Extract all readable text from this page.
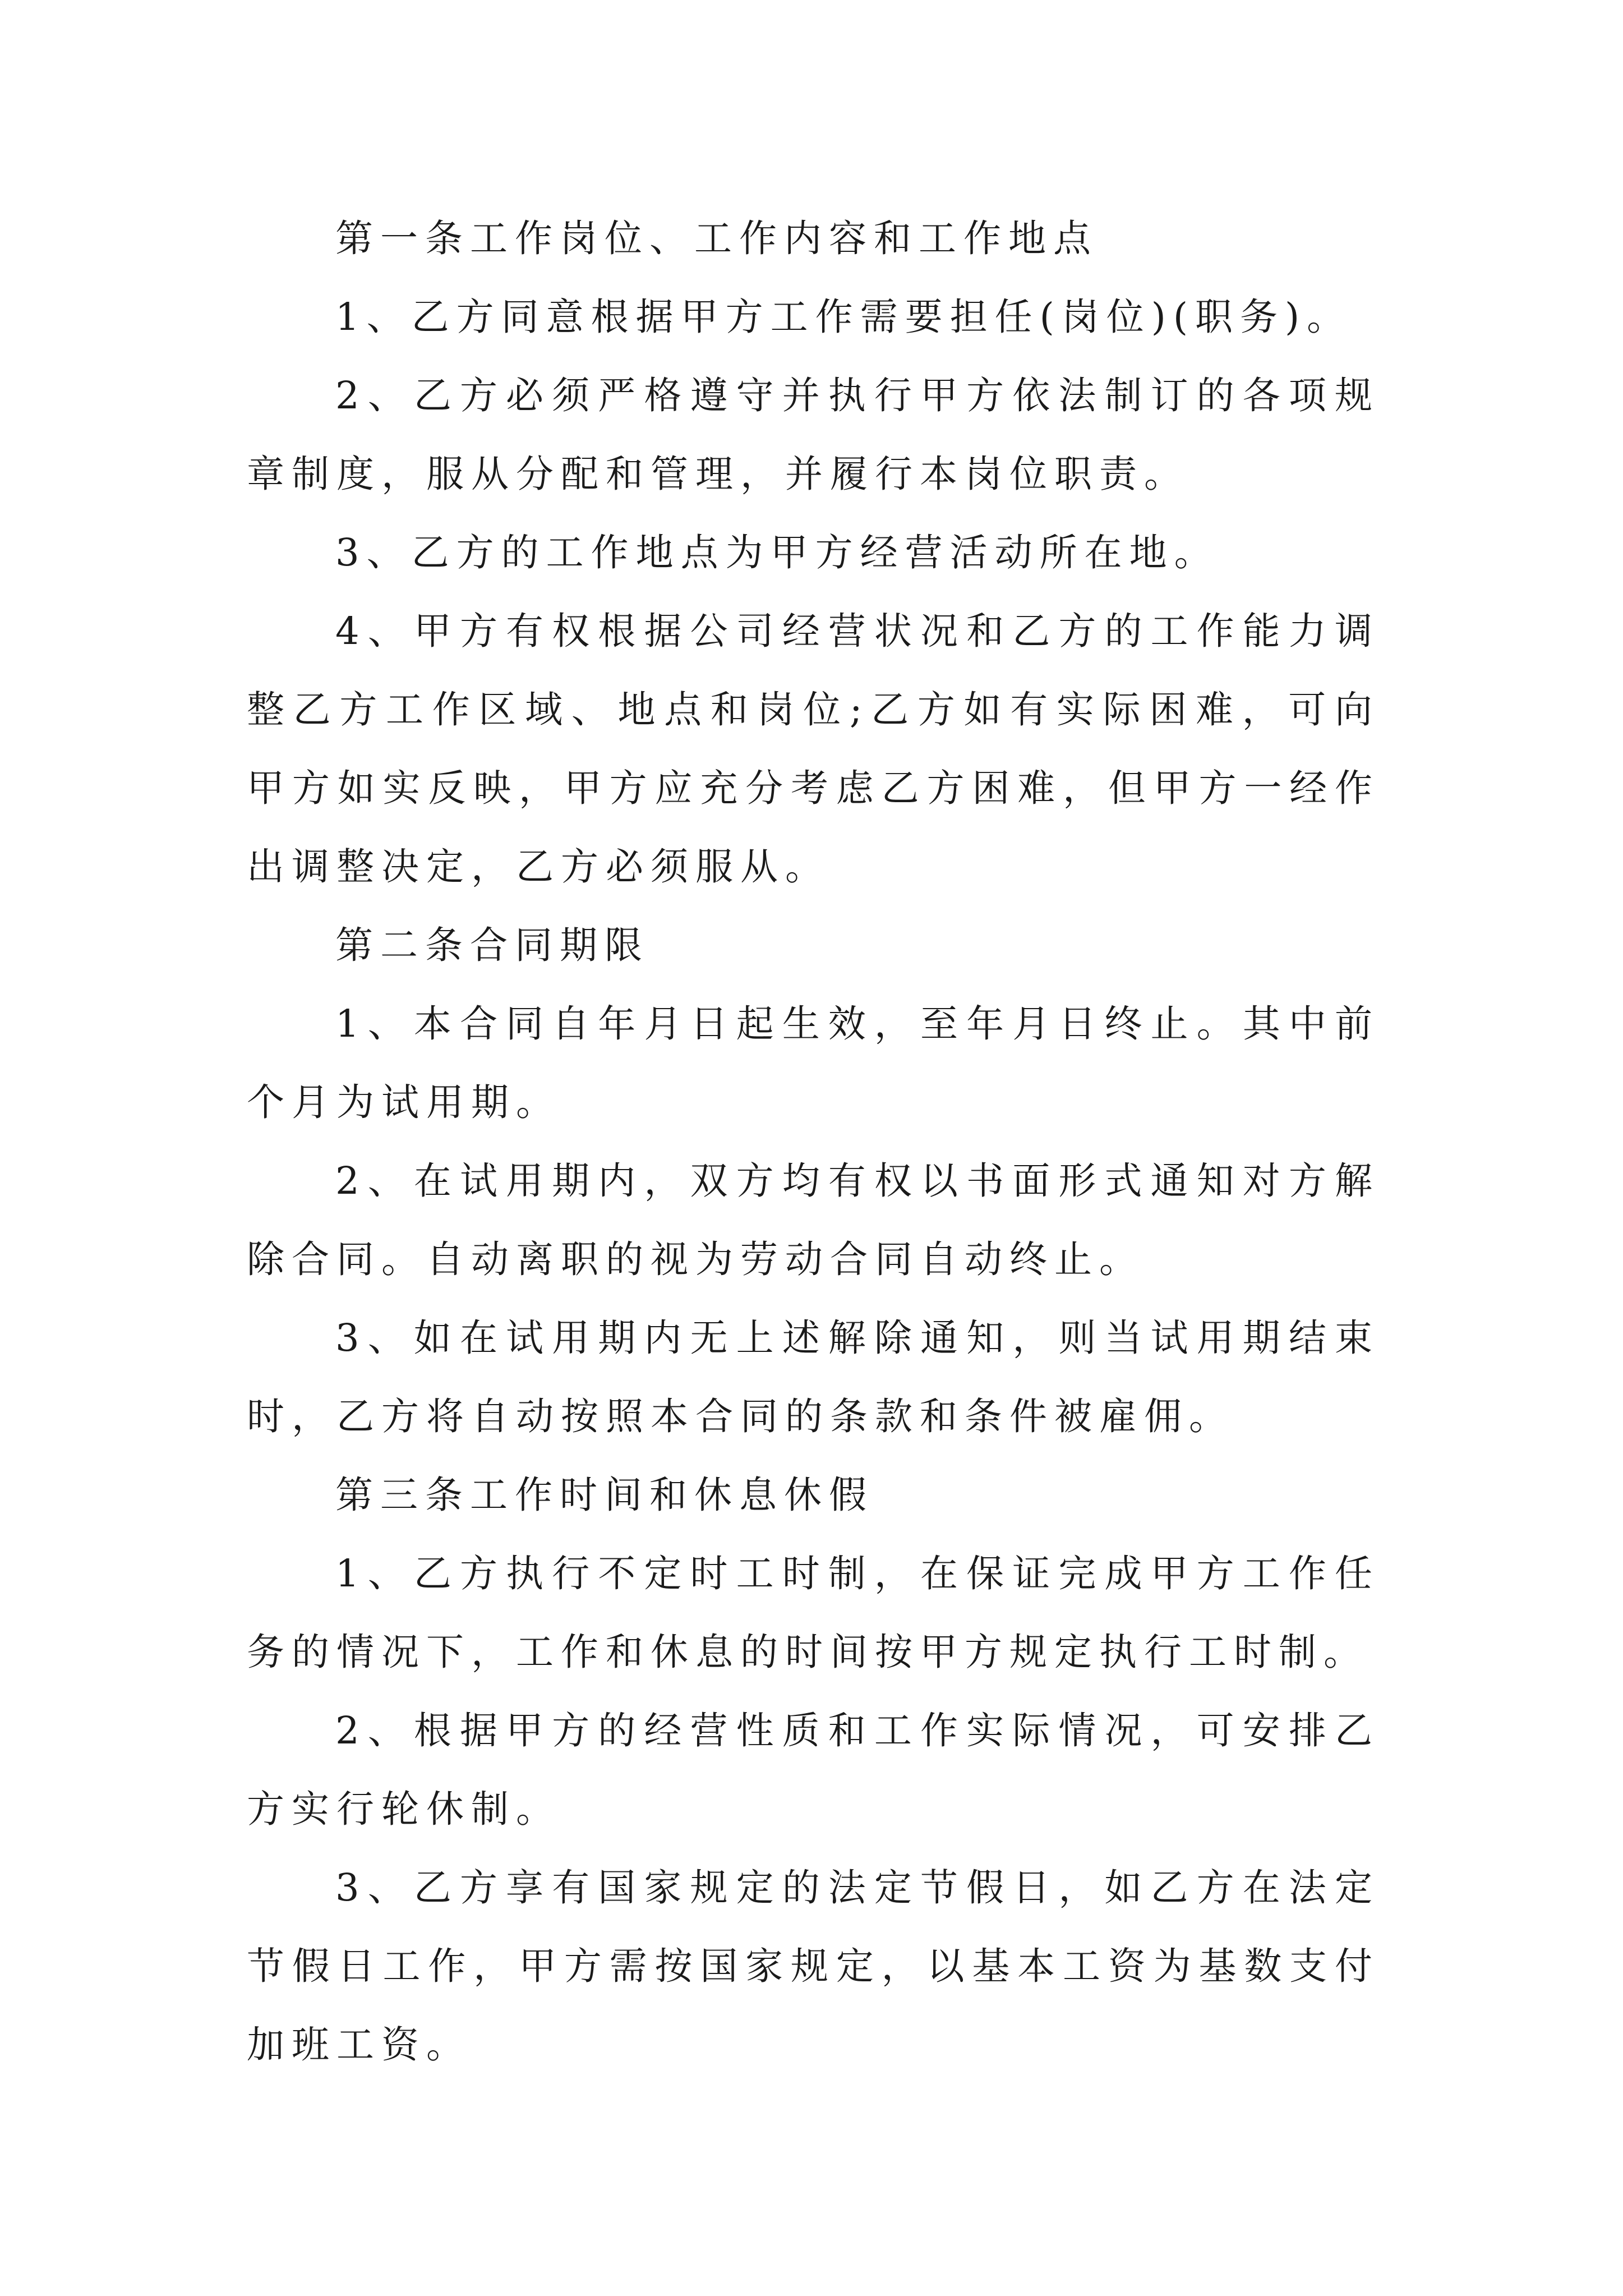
第一条工作岗位、工作内容和工作地点

1、乙方同意根据甲方工作需要担任(岗位)(职务)。

2、乙方必须严格遵守并执行甲方依法制订的各项规章制度，服从分配和管理，并履行本岗位职责。

3、乙方的工作地点为甲方经营活动所在地。

4、甲方有权根据公司经营状况和乙方的工作能力调整乙方工作区域、地点和岗位;乙方如有实际困难，可向甲方如实反映，甲方应充分考虑乙方困难，但甲方一经作出调整决定，乙方必须服从。

第二条合同期限

1、本合同自年月日起生效，至年月日终止。其中前个月为试用期。

2、在试用期内，双方均有权以书面形式通知对方解除合同。自动离职的视为劳动合同自动终止。

3、如在试用期内无上述解除通知，则当试用期结束时，乙方将自动按照本合同的条款和条件被雇佣。

第三条工作时间和休息休假

1、乙方执行不定时工时制，在保证完成甲方工作任务的情况下，工作和休息的时间按甲方规定执行工时制。

2、根据甲方的经营性质和工作实际情况，可安排乙方实行轮休制。

3、乙方享有国家规定的法定节假日，如乙方在法定节假日工作，甲方需按国家规定，以基本工资为基数支付加班工资。
